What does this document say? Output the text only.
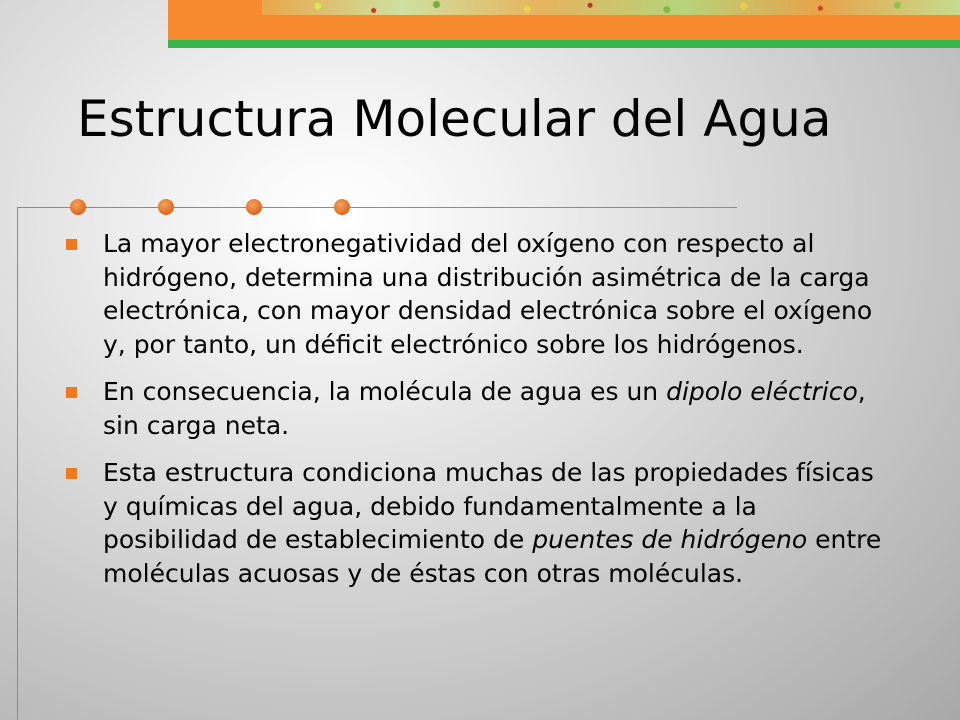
Estructura Molecular del Agua
La mayor electronegatividad del oxígeno con respecto al hidrógeno, determina una distribución asimétrica de la carga electrónica, con mayor densidad electrónica sobre el oxígeno y, por tanto, un déficit electrónico sobre los hidrógenos.
En consecuencia, la molécula de agua es un dipolo eléctrico, sin carga neta.
Esta estructura condiciona muchas de las propiedades físicas y químicas del agua, debido fundamentalmente a la posibilidad de establecimiento de puentes de hidrógeno entre moléculas acuosas y de éstas con otras moléculas.
